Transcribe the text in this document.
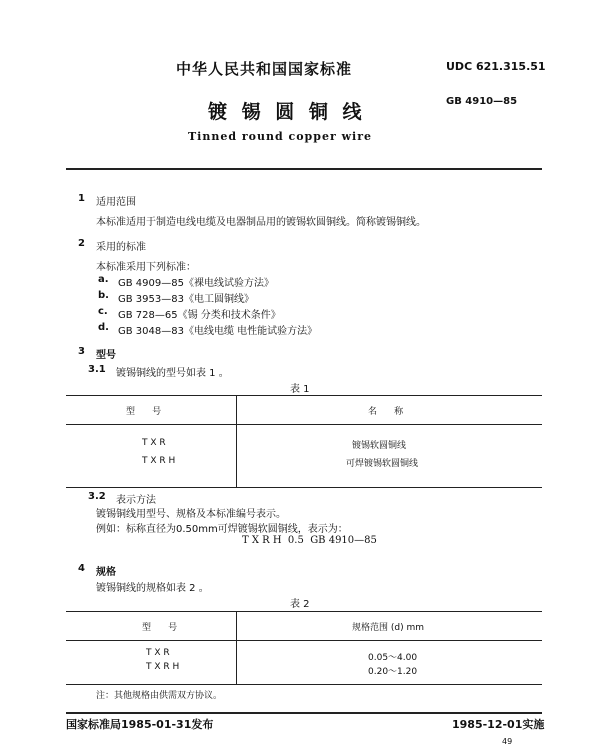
中华人民共和国国家标准	UDC 621.315.51
GB 4910—85
镀 锡 圆 铜 线
Tinned round copper wire
1 适用范围
本标准适用于制造电线电缆及电器制品用的镀锡软圆铜线。简称镀锡铜线。
2 采用的标准
本标准采用下列标准：
a. GB 4909—85《裸电线试验方法》
b. GB 3953—83《电工圆铜线》
c. GB 728—65《锡 分类和技术条件》
d. GB 3048—83《电线电缆 电性能试验方法》
3 型号
3.1 镀锡铜线的型号如表 1 。
表 1
型      号	名      称
T X R	镀锡软圆铜线
T X R H	可焊镀锡软圆铜线
3.2 表示方法
镀锡铜线用型号、规格及本标准编号表示。
例如：标称直径为0.50mm可焊镀锡软圆铜线，表示为：
T X R H  0.5  GB 4910—85
4 规格
镀锡铜线的规格如表 2 。
表 2
型      号	规格范围 (d) mm
T X R	0.05～4.00
T X R H	0.20～1.20
注：其他规格由供需双方协议。
国家标准局1985-01-31发布	1985-12-01实施
49
